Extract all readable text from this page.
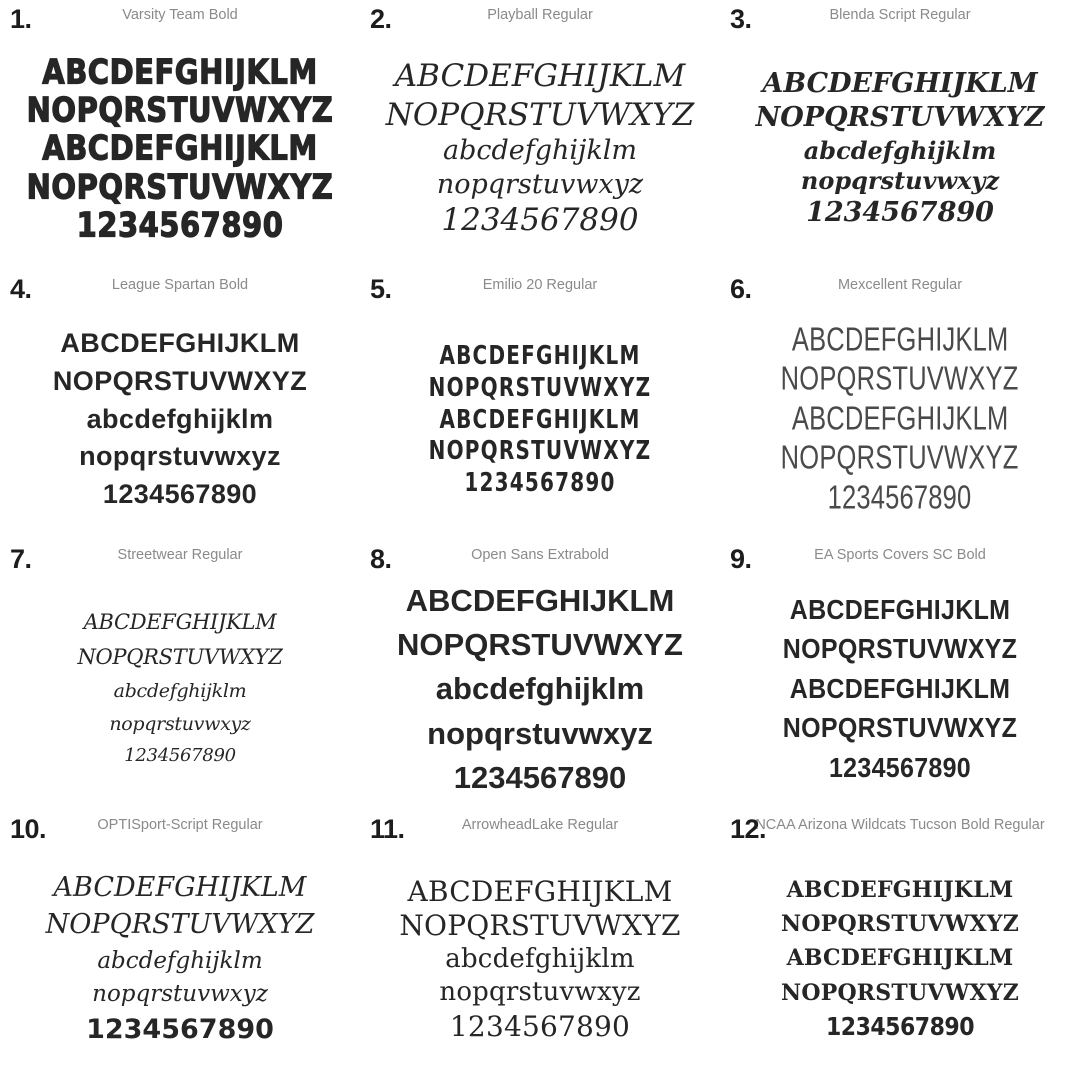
1.	Varsity Team Bold
ABCDEFGHIJKLM
NOPQRSTUVWXYZ
ABCDEFGHIJKLM
NOPQRSTUVWXYZ
1234567890
2.	Playball Regular
ABCDEFGHIJKLM
NOPQRSTUVWXYZ
abcdefghijklm
nopqrstuvwxyz
1234567890
3.	Blenda Script Regular
ABCDEFGHIJKLM
NOPQRSTUVWXYZ
abcdefghijklm
nopqrstuvwxyz
1234567890
4.	League Spartan Bold
ABCDEFGHIJKLM
NOPQRSTUVWXYZ
abcdefghijklm
nopqrstuvwxyz
1234567890
5.	Emilio 20 Regular
ABCDEFGHIJKLM
NOPQRSTUVWXYZ
ABCDEFGHIJKLM
NOPQRSTUVWXYZ
1234567890
6.	Mexcellent Regular
ABCDEFGHIJKLM
NOPQRSTUVWXYZ
ABCDEFGHIJKLM
NOPQRSTUVWXYZ
1234567890
7.	Streetwear Regular
ABCDEFGHIJKLM
NOPQRSTUVWXYZ
abcdefghijklm
nopqrstuvwxyz
1234567890
8.	Open Sans Extrabold
ABCDEFGHIJKLM
NOPQRSTUVWXYZ
abcdefghijklm
nopqrstuvwxyz
1234567890
9.	EA Sports Covers SC Bold
ABCDEFGHIJKLM
NOPQRSTUVWXYZ
ABCDEFGHIJKLM
NOPQRSTUVWXYZ
1234567890
10.	OPTISport-Script Regular
ABCDEFGHIJKLM
NOPQRSTUVWXYZ
abcdefghijklm
nopqrstuvwxyz
1234567890
11.	ArrowheadLake Regular
ABCDEFGHIJKLM
NOPQRSTUVWXYZ
abcdefghijklm
nopqrstuvwxyz
1234567890
12.
NCAA Arizona Wildcats Tucson Bold Regular
ABCDEFGHIJKLM
NOPQRSTUVWXYZ
ABCDEFGHIJKLM
NOPQRSTUVWXYZ
1234567890
